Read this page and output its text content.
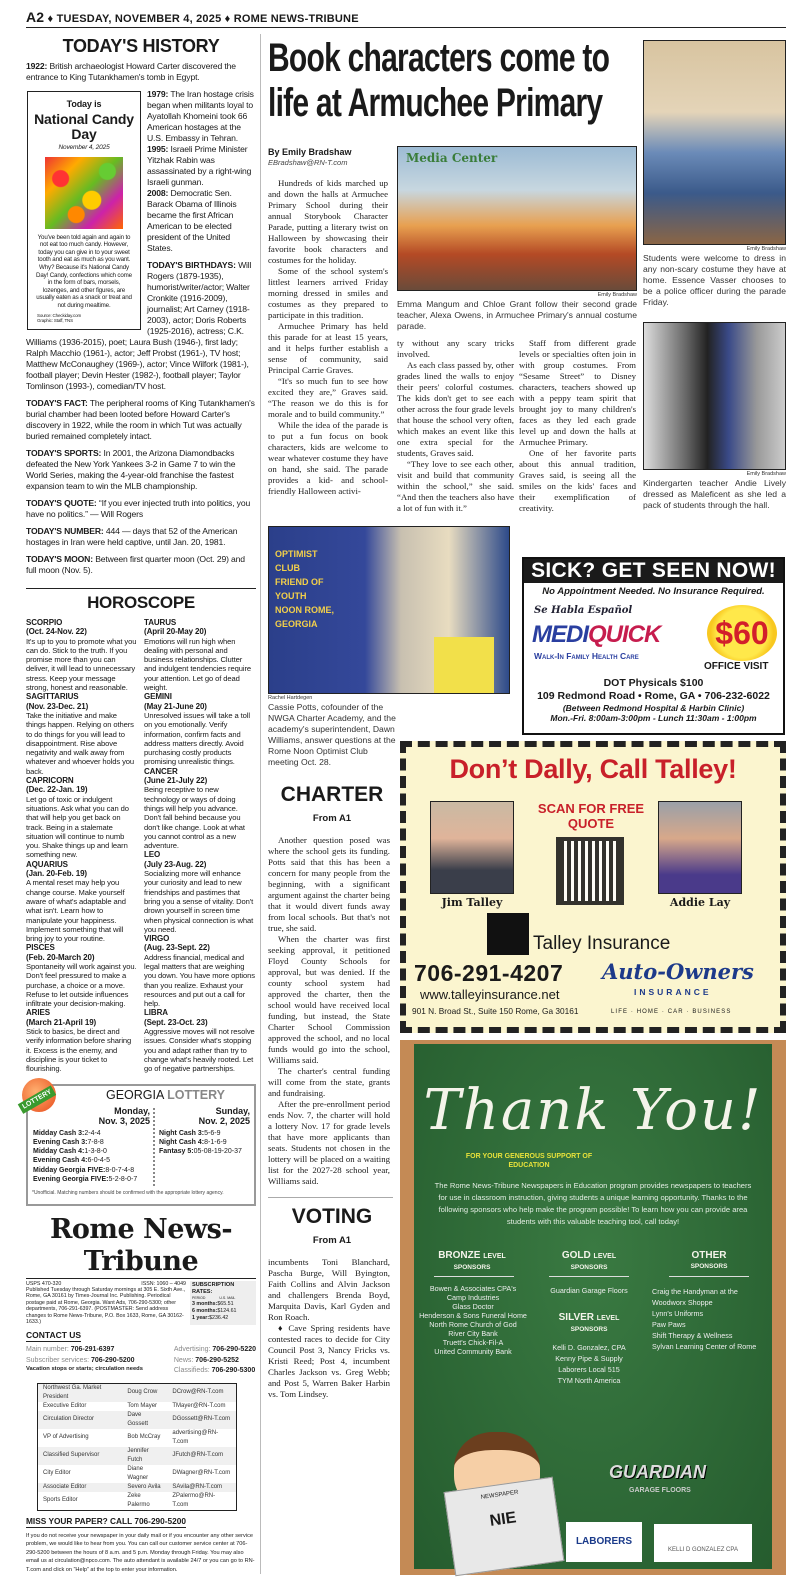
A2 ♦ TUESDAY, NOVEMBER 4, 2025 ♦ ROME NEWS-TRIBUNE
TODAY'S HISTORY
1922: British archaeologist Howard Carter discovered the entrance to King Tutankhamen's tomb in Egypt.
Today is
National Candy Day
November 4, 2025
You've been told again and again to not eat too much candy. However, today you can give in to your sweet tooth and eat as much as you want. Why? Because it's National Candy Day! Candy, confections which come in the form of bars, morsels, lozenges, and other figures, are usually eaten as a snack or treat and not during mealtime.
Source: Checkiday.com
Graphic: Staff, TNS
1979: The Iran hostage crisis began when militants loyal to Ayatollah Khomeini took 66 American hostages at the U.S. Embassy in Tehran.
1995: Israeli Prime Minister Yitzhak Rabin was assassinated by a right-wing Israeli gunman.
2008: Democratic Sen. Barack Obama of Illinois became the first African American to be elected president of the United States.

TODAY'S BIRTHDAYS: Will Rogers (1879-1935), humorist/writer/actor; Walter Cronkite (1916-2009), journalist; Art Carney (1918-2003), actor; Doris Roberts (1925-2016), actress; C.K. Williams (1936-2015), poet; Laura Bush (1946-), first lady; Ralph Macchio (1961-), actor; Jeff Probst (1961-), TV host; Matthew McConaughey (1969-), actor; Vince Wilfork (1981-), football player; Devin Hester (1982-), football player; Taylor Tomlinson (1993-), comedian/TV host.

TODAY'S FACT: The peripheral rooms of King Tutankhamen's burial chamber had been looted before Howard Carter's discovery in 1922, while the room in which Tut was actually buried remained completely intact.

TODAY'S SPORTS: In 2001, the Arizona Diamondbacks defeated the New York Yankees 3-2 in Game 7 to win the World Series, making the 4-year-old franchise the fastest expansion team to win the MLB championship.

TODAY'S QUOTE: “If you ever injected truth into politics, you have no politics.” — Will Rogers

TODAY'S NUMBER: 444 — days that 52 of the American hostages in Iran were held captive, until Jan. 20, 1981.

TODAY'S MOON: Between first quarter moon (Oct. 29) and full moon (Nov. 5).

HOROSCOPE
SCORPIO
(Oct. 24-Nov. 22)
It's up to you to promote what you can do. Stick to the truth. If you promise more than you can deliver, it will lead to unnecessary stress. Keep your message strong, honest and reasonable.
SAGITTARIUS
(Nov. 23-Dec. 21)
Take the initiative and make things happen. Relying on others to do things for you will lead to disappointment. Rise above negativity and walk away from whatever and whoever holds you back.
CAPRICORN
(Dec. 22-Jan. 19)
Let go of toxic or indulgent situations. Ask what you can do that will help you get back on track. Being in a stalemate situation will continue to numb you. Shake things up and learn something new.
AQUARIUS
(Jan. 20-Feb. 19)
A mental reset may help you change course. Make yourself aware of what's adaptable and what isn't. Learn how to manipulate your happiness. Implement something that will bring joy to your routine.
PISCES
(Feb. 20-March 20)
Spontaneity will work against you. Don't feel pressured to make a purchase, a choice or a move. Refuse to let outside influences infiltrate your decision-making.
ARIES
(March 21-April 19)
Stick to basics, be direct and verify information before sharing it. Excess is the enemy, and discipline is your ticket to flourishing.
TAURUS
(April 20-May 20)
Emotions will run high when dealing with personal and business relationships. Clutter and indulgent tendencies require your attention. Let go of dead weight.
GEMINI
(May 21-June 20)
Unresolved issues will take a toll on you emotionally. Verify information, confirm facts and address matters directly. Avoid purchasing costly products promising unrealistic things.
CANCER
(June 21-July 22)
Being receptive to new technology or ways of doing things will help you advance. Don't fall behind because you don't like change. Look at what you cannot control as a new adventure.
LEO
(July 23-Aug. 22)
Socializing more will enhance your curiosity and lead to new friendships and pastimes that bring you a sense of vitality. Don't drown yourself in screen time when physical connection is what you need.
VIRGO
(Aug. 23-Sept. 22)
Address financial, medical and legal matters that are weighing you down. You have more options than you realize. Exhaust your resources and put out a call for help.
LIBRA
(Sept. 23-Oct. 23)
Aggressive moves will not resolve issues. Consider what's stopping you and adapt rather than try to change what's heavily rooted. Let go of negative partnerships.
LOTTERY	GEORGIA LOTTERY
Monday,
Nov. 3, 2025
Sunday,
Nov. 2, 2025
Midday Cash 3:2-4-4
Evening Cash 3:7-8-8
Midday Cash 4:1-3-8-0
Evening Cash 4:6-0-4-5
Midday Georgia FIVE:8-0-7-4-8
Evening Georgia FIVE:5-2-8-0-7
Night Cash 3:5-6-9
Night Cash 4:8-1-6-9
Fantasy 5:05-08-19-20-37
*Unofficial. Matching numbers should be confirmed with the appropriate lottery agency.
Rome News-Tribune
USPS 470-320	ISSN: 1060 – 4049
Published Tuesday through Saturday mornings at 305 E. Sixth Ave., Rome, GA 30161 by Times-Journal Inc. Publishing. Periodical postage paid at Rome, Georgia. Want Ads, 706-290-5300; other departments, 706-291-6397. (POSTMASTER: Send address changes to Rome News-Tribune, P.O. Box 1633, Rome, GA 30162-1633.)
SUBSCRIPTION RATES:
PERIOD	U.S. MAIL
3 months:$65.51
6 months:$124.61
1 year:$236.42
CONTACT US
Main number: 706-291-6397
Subscriber services: 706-290-5200
Vacation stops or starts; circulation needs
Advertising: 706-290-5220
News: 706-290-5252
Classifieds: 706-290-5300
Northwest Ga. Market President	Doug Crow	DCrow@RN-T.com
Executive Editor	Tom Mayer	TMayer@RN-T.com
Circulation Director	Dave Gossett	DGossett@RN-T.com
VP of Advertising	Bob McCray	advertising@RN-T.com
Classified Supervisor	Jennifer Futch	JFutch@RN-T.com
City Editor	Diane Wagner	DWagner@RN-T.com
Associate Editor	Severo Avila	SAvila@RN-T.com
Sports Editor	Zeke Palermo	ZPalermo@RN-T.com
MISS YOUR PAPER? CALL 706-290-5200
If you do not receive your newspaper in your daily mail or if you encounter any other service problem, we would like to hear from you. You can call our customer service center at 706-290-5200 between the hours of 8 a.m. and 5 p.m. Monday through Friday. You may also email us at circulation@npco.com. The auto attendant is available 24/7 or you can go to RN-T.com and click on “Help” at the top to enter your information.
Book characters come to life at Armuchee Primary
By Emily Bradshaw
EBradshaw@RN-T.com

Hundreds of kids marched up and down the halls at Armuchee Primary School during their annual Storybook Character Parade, putting a literary twist on Halloween by showcasing their favorite book characters and costumes for the holiday.

Some of the school system's littlest learners arrived Friday morning dressed in smiles and costumes as they prepared to participate in this tradition.

Armuchee Primary has held this parade for at least 15 years, and it helps further establish a sense of community, said Principal Carrie Graves.

“It's so much fun to see how excited they are,” Graves said. “The reason we do this is for morale and to build community.”

While the idea of the parade is to put a fun focus on book characters, kids are welcome to wear whatever costume they have on hand, she said. The parade provides a kid- and school-friendly Halloween activi-

Media Center
Emily Bradshaw
Emma Mangum and Chloe Grant follow their second grade teacher, Alexa Owens, in Armuchee Primary's annual costume parade.

ty without any scary tricks involved.

As each class passed by, other grades lined the walls to enjoy their peers' colorful costumes. The kids don't get to see each other across the four grade levels that house the school very often, which makes an event like this one extra special for the students, Graves said.

“They love to see each other, visit and build that community within the school,” she said. “And then the teachers also have a lot of fun with it.”

Staff from different grade levels or specialties often join in with group costumes. From “Sesame Street” to Disney characters, teachers showed up with a peppy team spirit that brought joy to many children's faces as they led each grade level up and down the halls at Armuchee Primary.

One of her favorite parts about this annual tradition, Graves said, is seeing all the smiles on the kids' faces and their exemplification of creativity.

OPTIMIST CLUB FRIEND OF YOUTH NOON ROME, GEORGIA
Rachel Hartdegen
Cassie Potts, cofounder of the NWGA Charter Academy, and the academy's superintendent, Dawn Williams, answer questions at the Rome Noon Optimist Club meeting Oct. 28.
CHARTER
From A1

Another question posed was where the school gets its funding. Potts said that this has been a concern for many people from the beginning, with a significant argument against the charter being that it would divert funds away from local schools. But that's not true, she said.

When the charter was first seeking approval, it petitioned Floyd County Schools for approval, but was denied. If the county school system had approved the charter, then the school would have received local funding, but instead, the State Charter School Commission approved the school, and no local funds would go into the school, Williams said.

The charter's central funding will come from the state, grants and fundraising.

After the pre-enrollment period ends Nov. 7, the charter will hold a lottery Nov. 17 for grade levels that have more applicants than seats. Students not chosen in the lottery will be placed on a waiting list for the 2027-28 school year, Williams said.

VOTING
From A1

incumbents Toni Blanchard, Pascha Burge, Will Byington, Faith Collins and Alvin Jackson and challengers Brenda Boyd, Marquita Davis, Karl Gyden and Ron Roach.

♦ Cave Spring residents have contested races to decide for City Council Post 3, Nancy Fricks vs. Kristi Reed; Post 4, incumbent Charles Jackson vs. Greg Webb; and Post 5, Warren Baker Harbin vs. Tom Lindsey.

Emily Bradshaw
Students were welcome to dress in any non-scary costume they have at home. Essence Vasser chooses to be a police officer during the parade Friday.
Emily Bradshaw
Kindergarten teacher Andie Lively dressed as Maleficent as she led a pack of students through the hall.
SICK? GET SEEN NOW!
No Appointment Needed. No Insurance Required.
Se Habla Español
MEDIQUICK
Walk-In Family Health Care
$60
OFFICE VISIT
DOT Physicals $100
109 Redmond Road • Rome, GA • 706-232-6022
(Between Redmond Hospital & Harbin Clinic)
Mon.-Fri. 8:00am-3:00pm - Lunch 11:30am - 1:00pm
Don’t Dally, Call Talley!
Jim Talley
SCAN FOR FREE QUOTE
Addie Lay
Talley Insurance
706-291-4207
www.talleyinsurance.net
901 N. Broad St., Suite 150 Rome, Ga 30161
Auto-Owners
INSURANCE
LIFE · HOME · CAR · BUSINESS
Thank You!
FOR YOUR GENEROUS SUPPORT OF EDUCATION
The Rome News-Tribune Newspapers in Education program provides newspapers to teachers for use in classroom instruction, giving students a unique learning opportunity. Thanks to the following sponsors who help make the program possible! To learn how you can provide area students with this valuable teaching tool, call today!
BRONZE LEVEL
SPONSORS
GOLD LEVEL
SPONSORS
OTHER
SPONSORS
Bowen & Associates CPA's
Camp Industries
Glass Doctor
Henderson & Sons Funeral Home
North Rome Church of God
River City Bank
Truett's Chick-Fil-A
United Community Bank
Guardian Garage Floors
SILVER LEVEL
SPONSORS
Kelli D. Gonzalez, CPA
Kenny Pipe & Supply
Laborers Local 515
TYM North America
Craig the Handyman at the Woodworx Shoppe
Lynn's Uniforms
Paw Paws
Shift Therapy & Wellness
Sylvan Learning Center of Rome
NEWSPAPER
NIE
GUARDIAN
GARAGE FLOORS
LABORERS
KELLI D GONZALEZ CPA
